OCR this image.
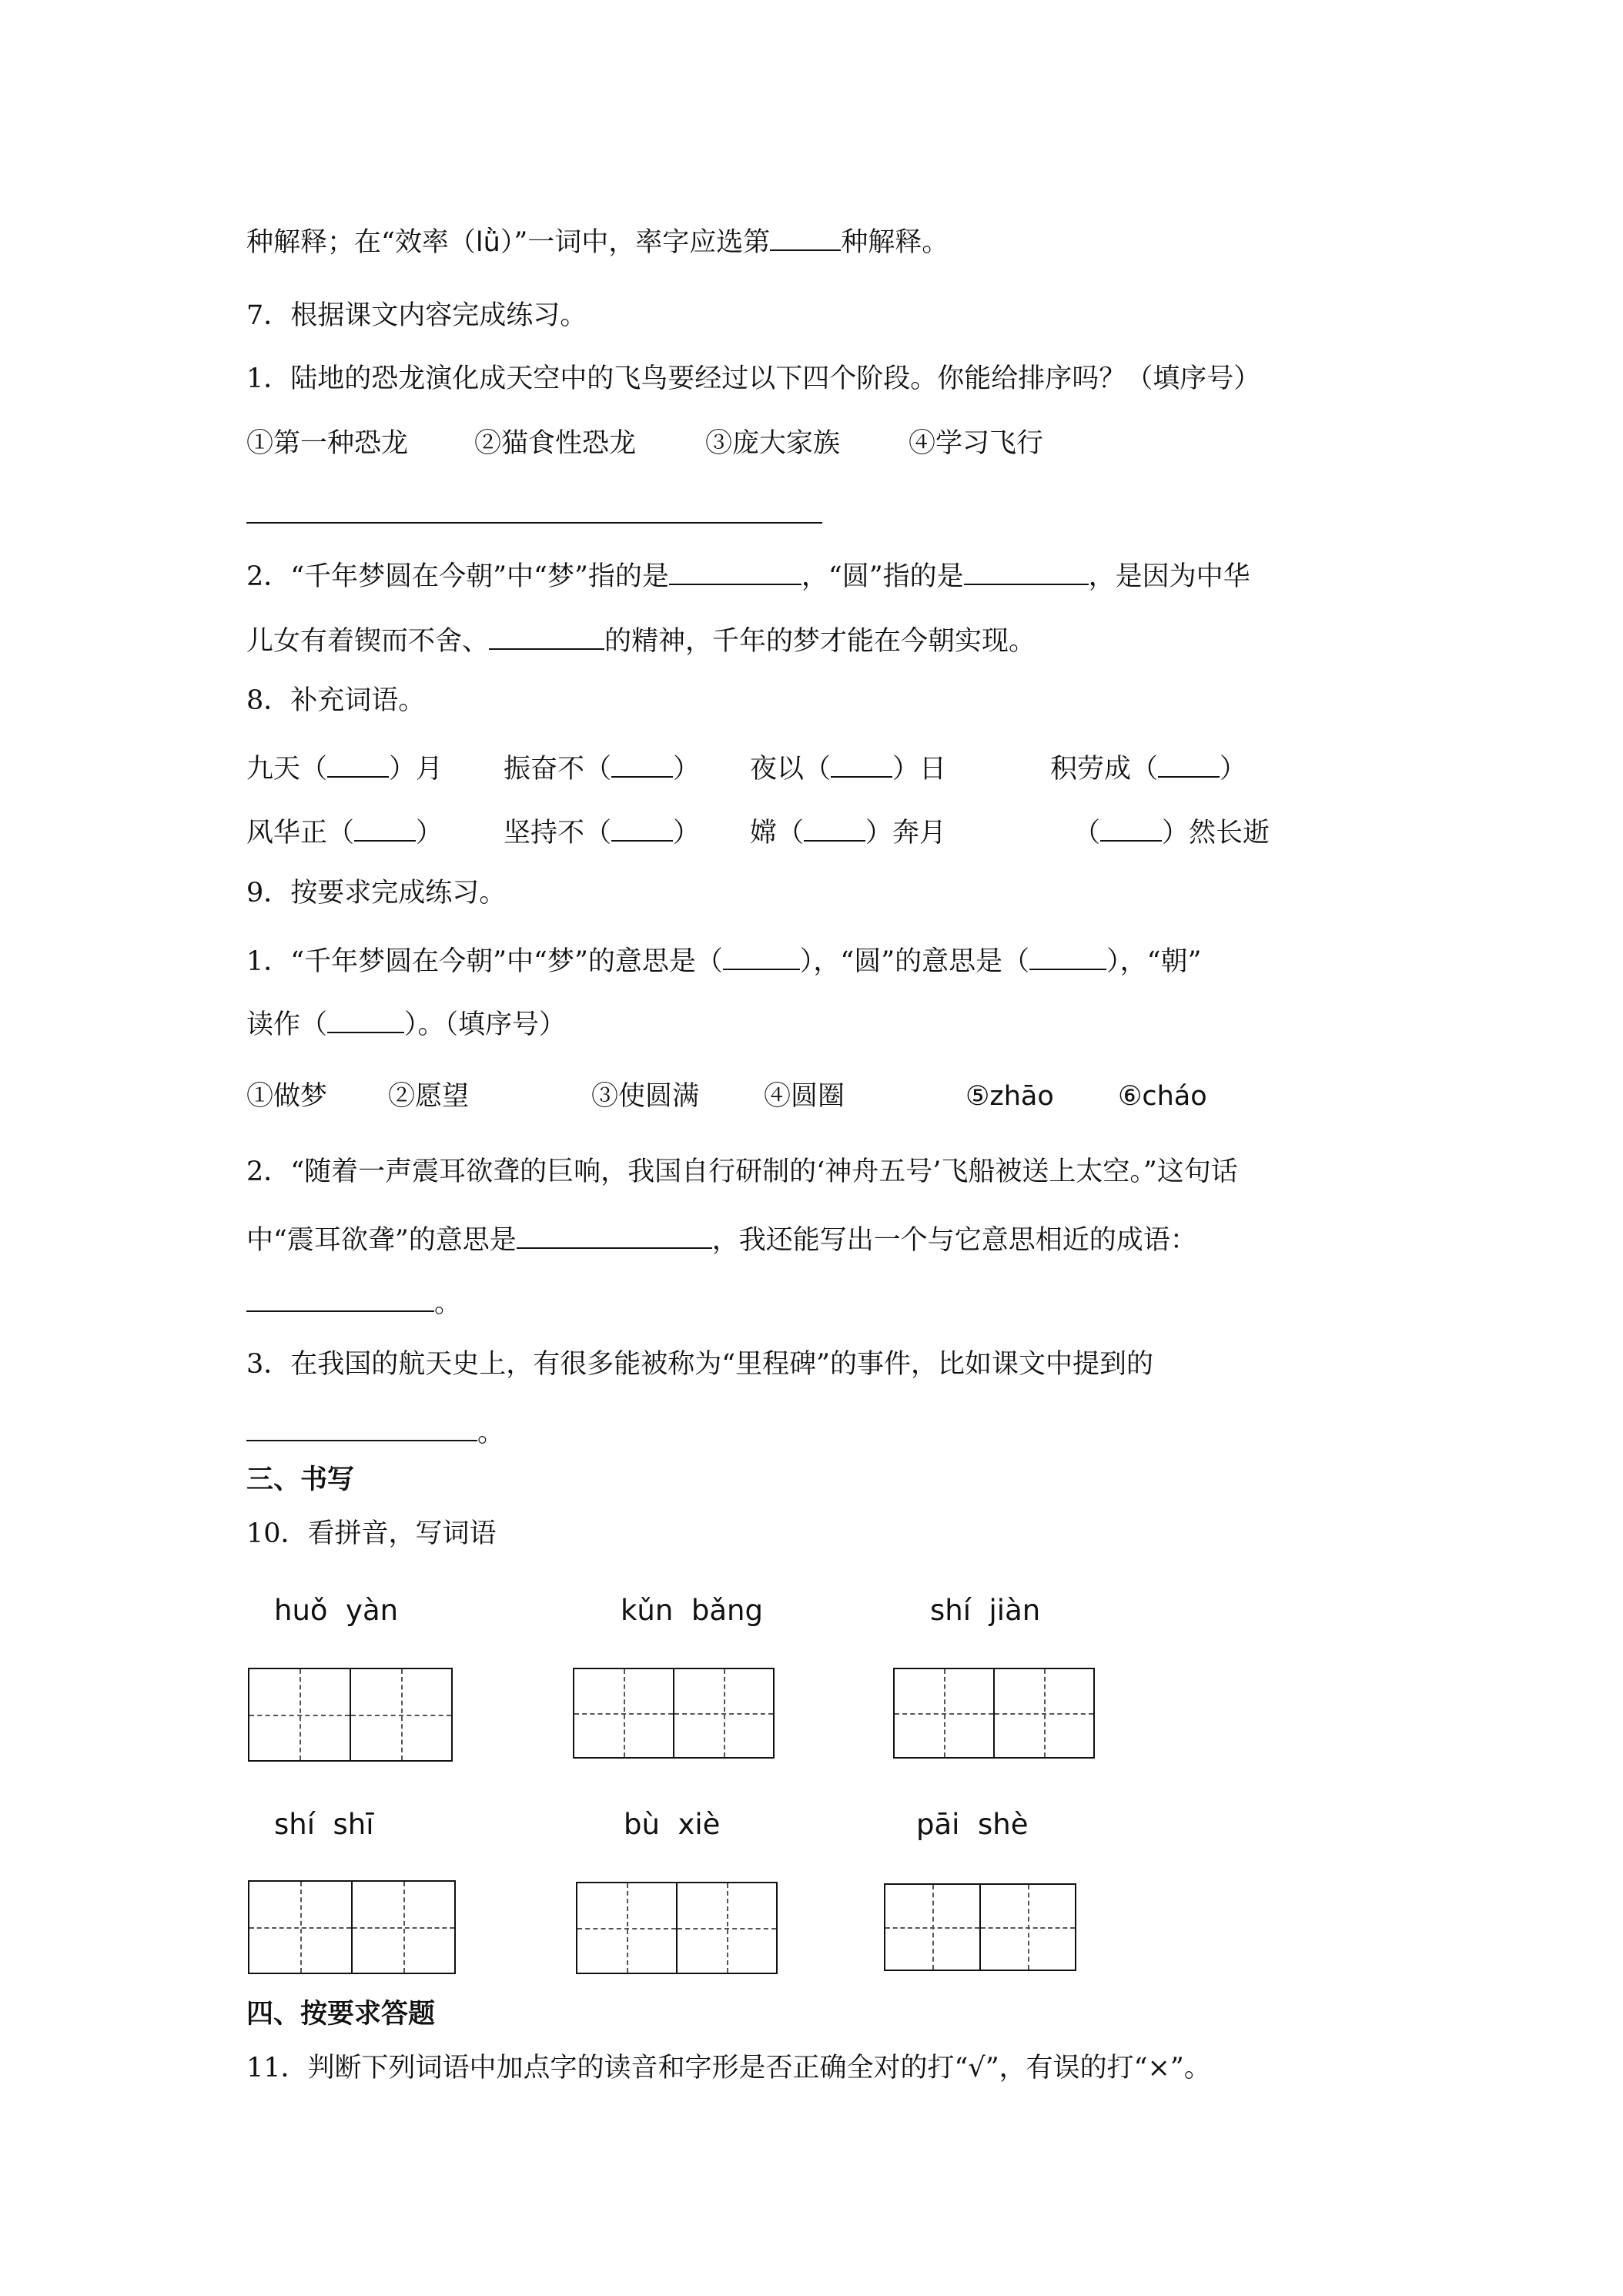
种解释；在“效率（lǜ）”一词中，率字应选第	种解释。
7．根据课文内容完成练习。
1．陆地的恐龙演化成天空中的飞鸟要经过以下四个阶段。你能给排序吗？（填序号）
①第一种恐龙 ②猫食性恐龙	③庞大家族	④学习飞行
2．“千年梦圆在今朝”中“梦”指的是	，“圆”指的是	，是因为中华
儿女有着锲而不舍、	的精神，千年的梦才能在今朝实现。
8．补充词语。
九天（ ）月 振奋不（ ） 夜以（ ）日	积劳成（ ）
风华正（ ） 坚持不（ ） 嫦（ ）奔月	（ ）然长逝
9．按要求完成练习。
1．“千年梦圆在今朝”中“梦”的意思是（	），“圆”的意思是（	），“朝”
读作（	）。（填序号）
①做梦 ②愿望	③使圆满 ④圆圈	⑤zhāo ⑥cháo
2．“随着一声震耳欲聋的巨响，我国自行研制的‘神舟五号’飞船被送上太空。”这句话
中“震耳欲聋”的意思是	，我还能写出一个与它意思相近的成语：
。
3．在我国的航天史上，有很多能被称为“里程碑”的事件，比如课文中提到的
。
三、书写
10．看拼音，写词语
huǒ  yàn	kǔn  bǎng	shí  jiàn
shí  shī	bù  xiè	pāi  shè
四、按要求答题
11．判断下列词语中加点字的读音和字形是否正确全对的打“√”，有误的打“×”。
